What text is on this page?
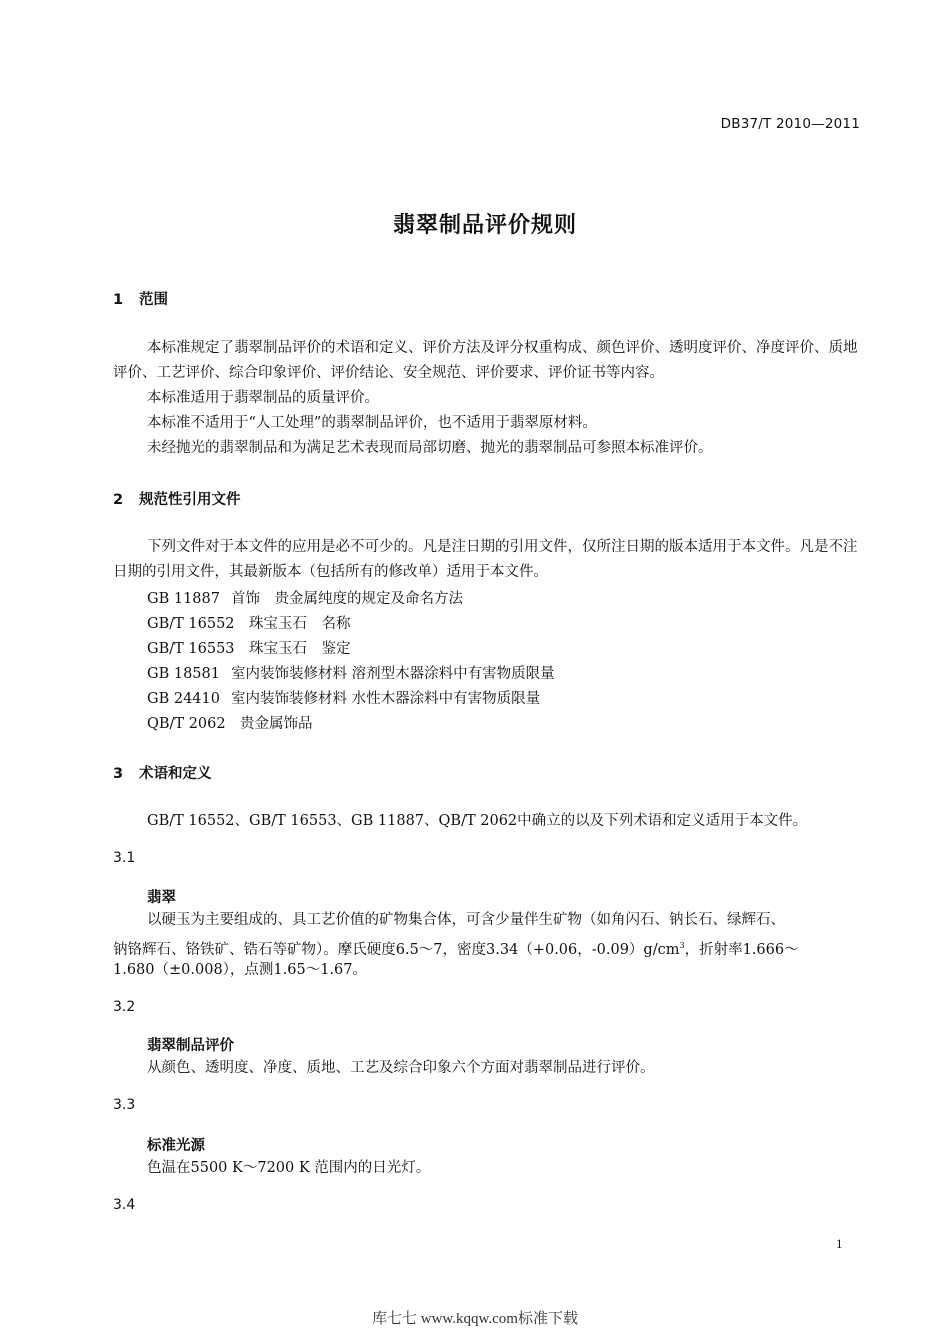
DB37/T 2010—2011
翡翠制品评价规则
1 范围
本标准规定了翡翠制品评价的术语和定义、评价方法及评分权重构成、颜色评价、透明度评价、净度评价、质地评价、工艺评价、综合印象评价、评价结论、安全规范、评价要求、评价证书等内容。
本标准适用于翡翠制品的质量评价。
本标准不适用于“人工处理”的翡翠制品评价，也不适用于翡翠原材料。
未经抛光的翡翠制品和为满足艺术表现而局部切磨、抛光的翡翠制品可参照本标准评价。
2 规范性引用文件
下列文件对于本文件的应用是必不可少的。凡是注日期的引用文件，仅所注日期的版本适用于本文件。凡是不注日期的引用文件，其最新版本（包括所有的修改单）适用于本文件。
GB 11887 首饰　贵金属纯度的规定及命名方法
GB/T 16552 珠宝玉石　名称
GB/T 16553 珠宝玉石　鉴定
GB 18581 室内装饰装修材料 溶剂型木器涂料中有害物质限量
GB 24410 室内装饰装修材料 水性木器涂料中有害物质限量
QB/T 2062 贵金属饰品
3 术语和定义
GB/T 16552、GB/T 16553、GB 11887、QB/T 2062中确立的以及下列术语和定义适用于本文件。
3.1
翡翠
以硬玉为主要组成的、具工艺价值的矿物集合体，可含少量伴生矿物（如角闪石、钠长石、绿辉石、
钠铬辉石、铬铁矿、锆石等矿物）。摩氏硬度6.5～7，密度3.34（+0.06，$-0.09)g/cm^3$，折射率1.666～
1.680（±0.008），点测1.65～1.67。
3.2
翡翠制品评价
从颜色、透明度、净度、质地、工艺及综合印象六个方面对翡翠制品进行评价。
3.3
标准光源
色温在5500 K～7200 K 范围内的日光灯。
3.4
1
库七七 www.kqqw.com标准下载
